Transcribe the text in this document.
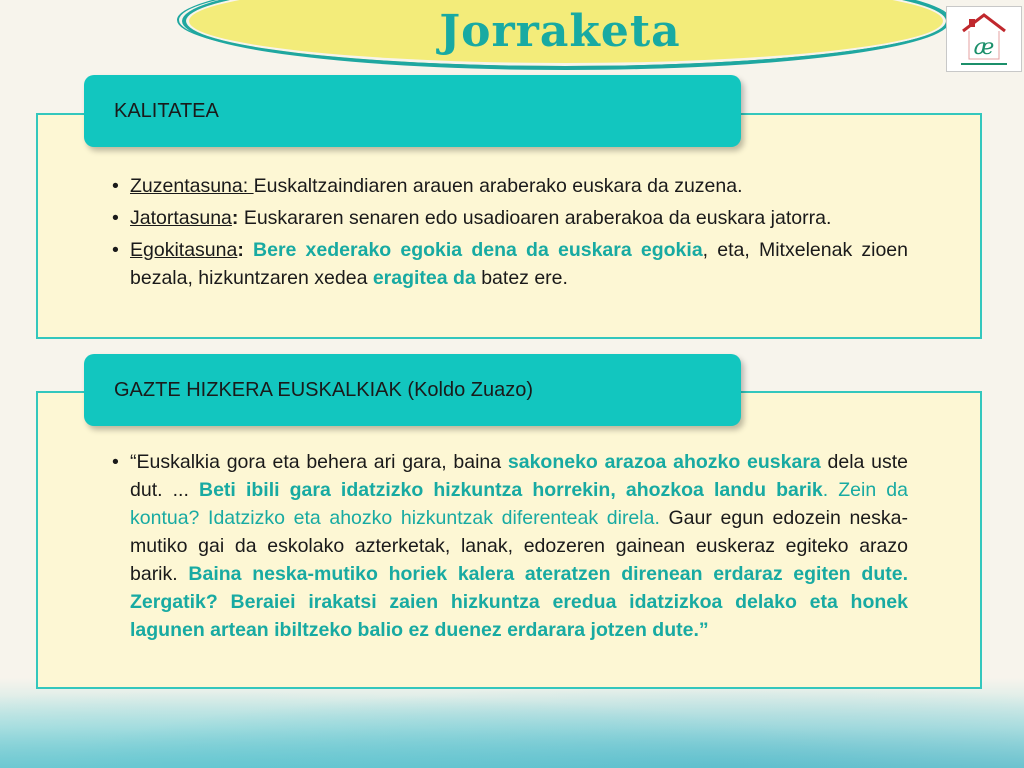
Jorraketa	æ
KALITATEA
• Zuzentasuna: Euskaltzaindiaren arauen araberako euskara da zuzena.
• Jatortasuna: Euskararen senaren edo usadioaren araberakoa da euskara jatorra.
• Egokitasuna: Bere xederako egokia dena da euskara egokia, eta, Mitxelenak zioen bezala, hizkuntzaren xedea eragitea da batez ere.
GAZTE HIZKERA EUSKALKIAK (Koldo Zuazo)
• “Euskalkia gora eta behera ari gara, baina sakoneko arazoa ahozko euskara dela uste dut. ... Beti ibili gara idatzizko hizkuntza horrekin, ahozkoa landu barik. Zein da kontua? Idatzizko eta ahozko hizkuntzak diferenteak direla. Gaur egun edozein neska-mutiko gai da eskolako azterketak, lanak, edozeren gainean euskeraz egiteko arazo barik. Baina neska-mutiko horiek kalera ateratzen direnean erdaraz egiten dute. Zergatik? Beraiei irakatsi zaien hizkuntza eredua idatzizkoa delako eta honek lagunen artean ibiltzeko balio ez duenez erdarara jotzen dute.”
